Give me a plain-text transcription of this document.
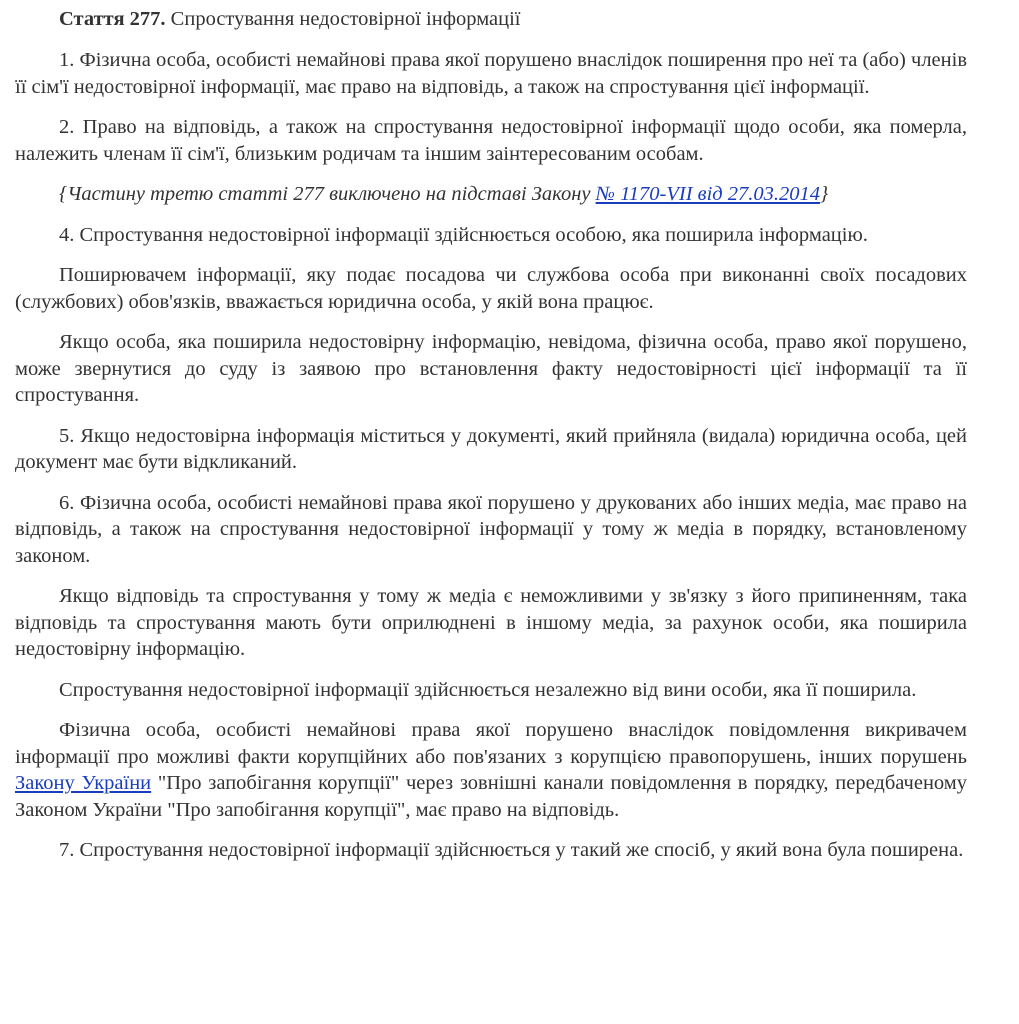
Стаття 277. Спростування недостовірної інформації

1. Фізична особа, особисті немайнові права якої порушено внаслідок поширення про неї та (або) членів її сім'ї недостовірної інформації, має право на відповідь, а також на спростування цієї інформації.

2. Право на відповідь, а також на спростування недостовірної інформації щодо особи, яка померла, належить членам її сім'ї, близьким родичам та іншим заінтересованим особам.

{Частину третю статті 277 виключено на підставі Закону № 1170-VII від 27.03.2014}

4. Спростування недостовірної інформації здійснюється особою, яка поширила інформацію.

Поширювачем інформації, яку подає посадова чи службова особа при виконанні своїх посадових (службових) обов'язків, вважається юридична особа, у якій вона працює.

Якщо особа, яка поширила недостовірну інформацію, невідома, фізична особа, право якої порушено, може звернутися до суду із заявою про встановлення факту недостовірності цієї інформації та її спростування.

5. Якщо недостовірна інформація міститься у документі, який прийняла (видала) юридична особа, цей документ має бути відкликаний.

6. Фізична особа, особисті немайнові права якої порушено у друкованих або інших медіа, має право на відповідь, а також на спростування недостовірної інформації у тому ж медіа в порядку, встановленому законом.

Якщо відповідь та спростування у тому ж медіа є неможливими у зв'язку з його припиненням, така відповідь та спростування мають бути оприлюднені в іншому медіа, за рахунок особи, яка поширила недостовірну інформацію.

Спростування недостовірної інформації здійснюється незалежно від вини особи, яка її поширила.

Фізична особа, особисті немайнові права якої порушено внаслідок повідомлення викривачем інформації про можливі факти корупційних або пов'язаних з корупцією правопорушень, інших порушень Закону України "Про запобігання корупції" через зовнішні канали повідомлення в порядку, передбаченому Законом України "Про запобігання корупції", має право на відповідь.

7. Спростування недостовірної інформації здійснюється у такий же спосіб, у який вона була поширена.
